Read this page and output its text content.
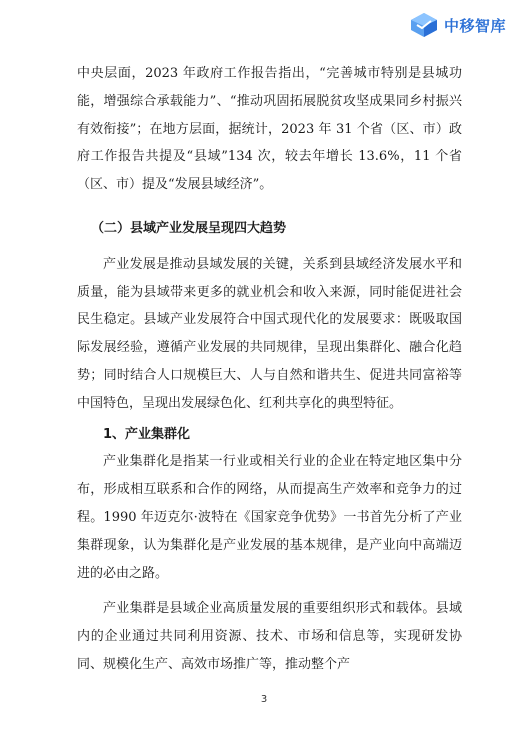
中移智库

中央层面，2023 年政府工作报告指出，“完善城市特别是县城功能，增强综合承载能力”、“推动巩固拓展脱贫攻坚成果同乡村振兴有效衔接”；在地方层面，据统计，2023 年 31 个省（区、市）政府工作报告共提及“县域”134 次，较去年增长 13.6%，11 个省（区、市）提及“发展县域经济”。

（二）县域产业发展呈现四大趋势

产业发展是推动县域发展的关键，关系到县域经济发展水平和质量，能为县域带来更多的就业机会和收入来源，同时能促进社会民生稳定。县域产业发展符合中国式现代化的发展要求：既吸取国际发展经验，遵循产业发展的共同规律，呈现出集群化、融合化趋势；同时结合人口规模巨大、人与自然和谐共生、促进共同富裕等中国特色，呈现出发展绿色化、红利共享化的典型特征。

1、产业集群化

产业集群化是指某一行业或相关行业的企业在特定地区集中分布，形成相互联系和合作的网络，从而提高生产效率和竞争力的过程。1990 年迈克尔·波特在《国家竞争优势》一书首先分析了产业集群现象，认为集群化是产业发展的基本规律，是产业向中高端迈进的必由之路。

产业集群是县域企业高质量发展的重要组织形式和载体。县域内的企业通过共同利用资源、技术、市场和信息等，实现研发协同、规模化生产、高效市场推广等，推动整个产

3
